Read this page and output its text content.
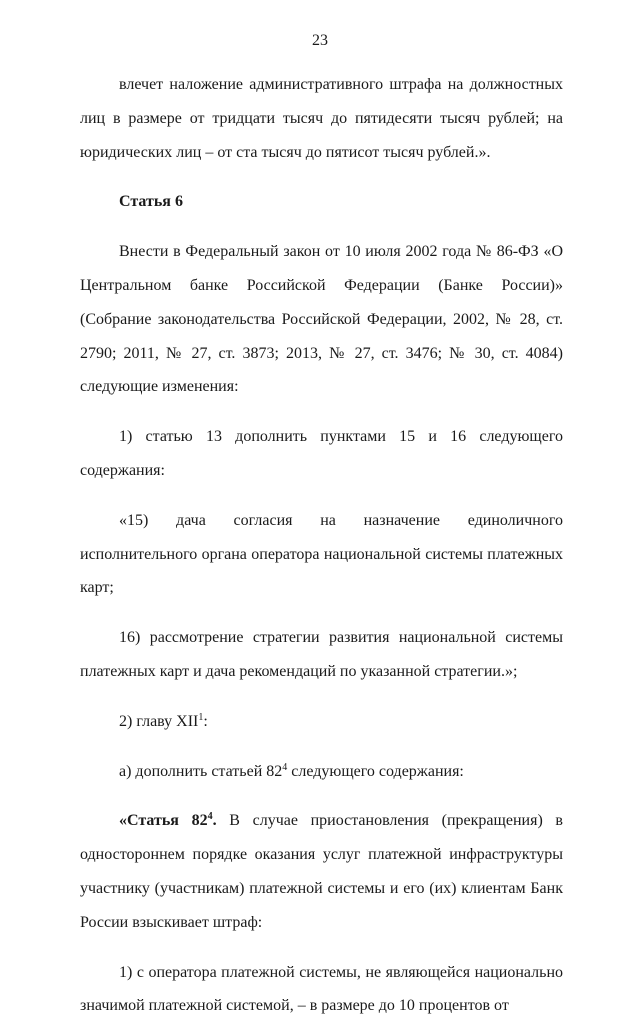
23

влечет наложение административного штрафа на должностных лиц в размере от тридцати тысяч до пятидесяти тысяч рублей; на юридических лиц – от ста тысяч до пятисот тысяч рублей.».

Статья 6

Внести в Федеральный закон от 10 июля 2002 года № 86-ФЗ «О Центральном банке Российской Федерации (Банке России)» (Собрание законодательства Российской Федерации, 2002, № 28, ст. 2790; 2011, № 27, ст. 3873; 2013, № 27, ст. 3476; № 30, ст. 4084) следующие изменения:

1) статью 13 дополнить пунктами 15 и 16 следующего содержания:

«15) дача согласия на назначение единоличного исполнительного органа оператора национальной системы платежных карт;

16) рассмотрение стратегии развития национальной системы платежных карт и дача рекомендаций по указанной стратегии.»;

2) главу XII$^1$:

а) дополнить статьей $82^4$ следующего содержания:

«Статья $82^4$. В случае приостановления (прекращения) в одностороннем порядке оказания услуг платежной инфраструктуры участнику (участникам) платежной системы и его (их) клиентам Банк России взыскивает штраф:

1) с оператора платежной системы, не являющейся национально значимой платежной системой, – в размере до 10 процентов от
